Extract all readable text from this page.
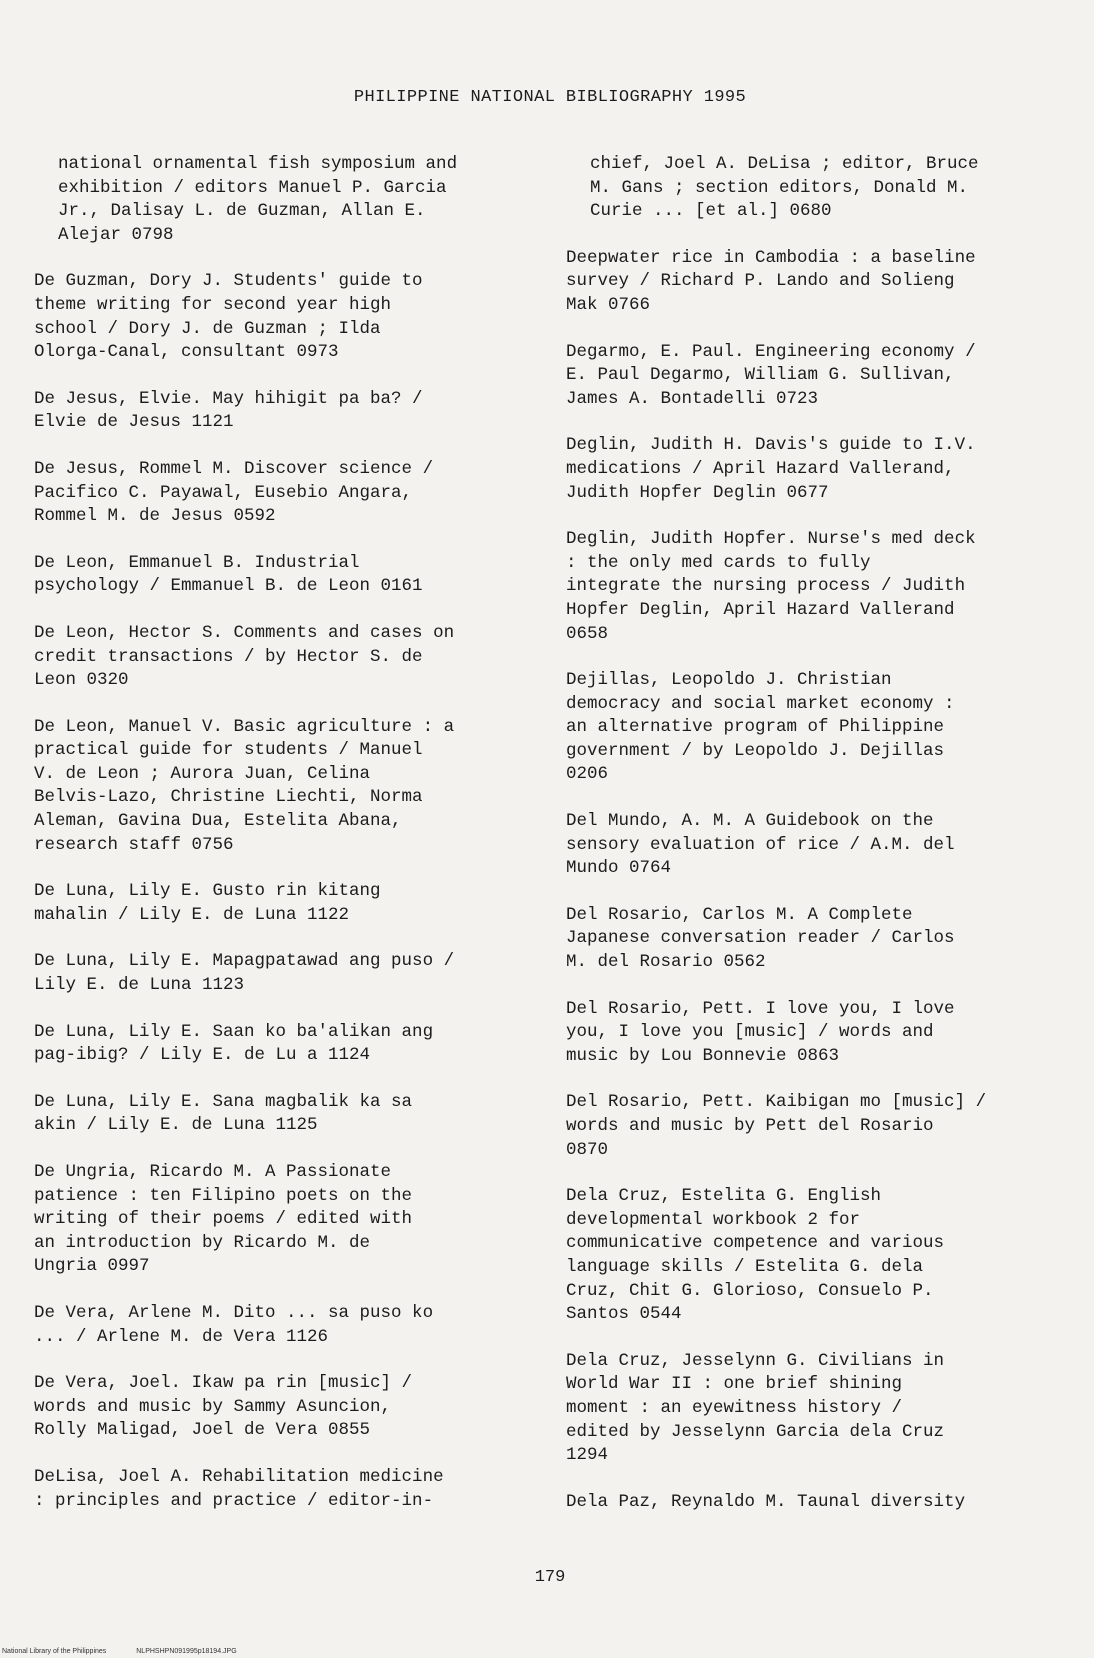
PHILIPPINE NATIONAL BIBLIOGRAPHY 1995
national ornamental fish symposium and
exhibition / editors Manuel P. Garcia
Jr., Dalisay L. de Guzman, Allan E.
Alejar 0798
De Guzman, Dory J. Students' guide to
theme writing for second year high
school / Dory J. de Guzman ; Ilda
Olorga-Canal, consultant 0973
De Jesus, Elvie. May hihigit pa ba? /
Elvie de Jesus 1121
De Jesus, Rommel M. Discover science /
Pacifico C. Payawal, Eusebio Angara,
Rommel M. de Jesus 0592
De Leon, Emmanuel B. Industrial
psychology / Emmanuel B. de Leon 0161
De Leon, Hector S. Comments and cases on
credit transactions / by Hector S. de
Leon 0320
De Leon, Manuel V. Basic agriculture : a
practical guide for students / Manuel
V. de Leon ; Aurora Juan, Celina
Belvis-Lazo, Christine Liechti, Norma
Aleman, Gavina Dua, Estelita Abana,
research staff 0756
De Luna, Lily E. Gusto rin kitang
mahalin / Lily E. de Luna 1122
De Luna, Lily E. Mapagpatawad ang puso /
Lily E. de Luna 1123
De Luna, Lily E. Saan ko ba'alikan ang
pag-ibig? / Lily E. de Lu a 1124
De Luna, Lily E. Sana magbalik ka sa
akin / Lily E. de Luna 1125
De Ungria, Ricardo M. A Passionate
patience : ten Filipino poets on the
writing of their poems / edited with
an introduction by Ricardo M. de
Ungria 0997
De Vera, Arlene M. Dito ... sa puso ko
... / Arlene M. de Vera 1126
De Vera, Joel. Ikaw pa rin [music] /
words and music by Sammy Asuncion,
Rolly Maligad, Joel de Vera 0855
DeLisa, Joel A. Rehabilitation medicine
: principles and practice / editor-in-
chief, Joel A. DeLisa ; editor, Bruce
M. Gans ; section editors, Donald M.
Curie ... [et al.] 0680
Deepwater rice in Cambodia : a baseline
survey / Richard P. Lando and Solieng
Mak 0766
Degarmo, E. Paul. Engineering economy /
E. Paul Degarmo, William G. Sullivan,
James A. Bontadelli 0723
Deglin, Judith H. Davis's guide to I.V.
medications / April Hazard Vallerand,
Judith Hopfer Deglin 0677
Deglin, Judith Hopfer. Nurse's med deck
: the only med cards to fully
integrate the nursing process / Judith
Hopfer Deglin, April Hazard Vallerand
0658
Dejillas, Leopoldo J. Christian
democracy and social market economy :
an alternative program of Philippine
government / by Leopoldo J. Dejillas
0206
Del Mundo, A. M. A Guidebook on the
sensory evaluation of rice / A.M. del
Mundo 0764
Del Rosario, Carlos M. A Complete
Japanese conversation reader / Carlos
M. del Rosario 0562
Del Rosario, Pett. I love you, I love
you, I love you [music] / words and
music by Lou Bonnevie 0863
Del Rosario, Pett. Kaibigan mo [music] /
words and music by Pett del Rosario
0870
Dela Cruz, Estelita G. English
developmental workbook 2 for
communicative competence and various
language skills / Estelita G. dela
Cruz, Chit G. Glorioso, Consuelo P.
Santos 0544
Dela Cruz, Jesselynn G. Civilians in
World War II : one brief shining
moment : an eyewitness history /
edited by Jesselynn Garcia dela Cruz
1294
Dela Paz, Reynaldo M. Taunal diversity
179
National Library of the Philippines	NLPHSHPN091995p18194.JPG
